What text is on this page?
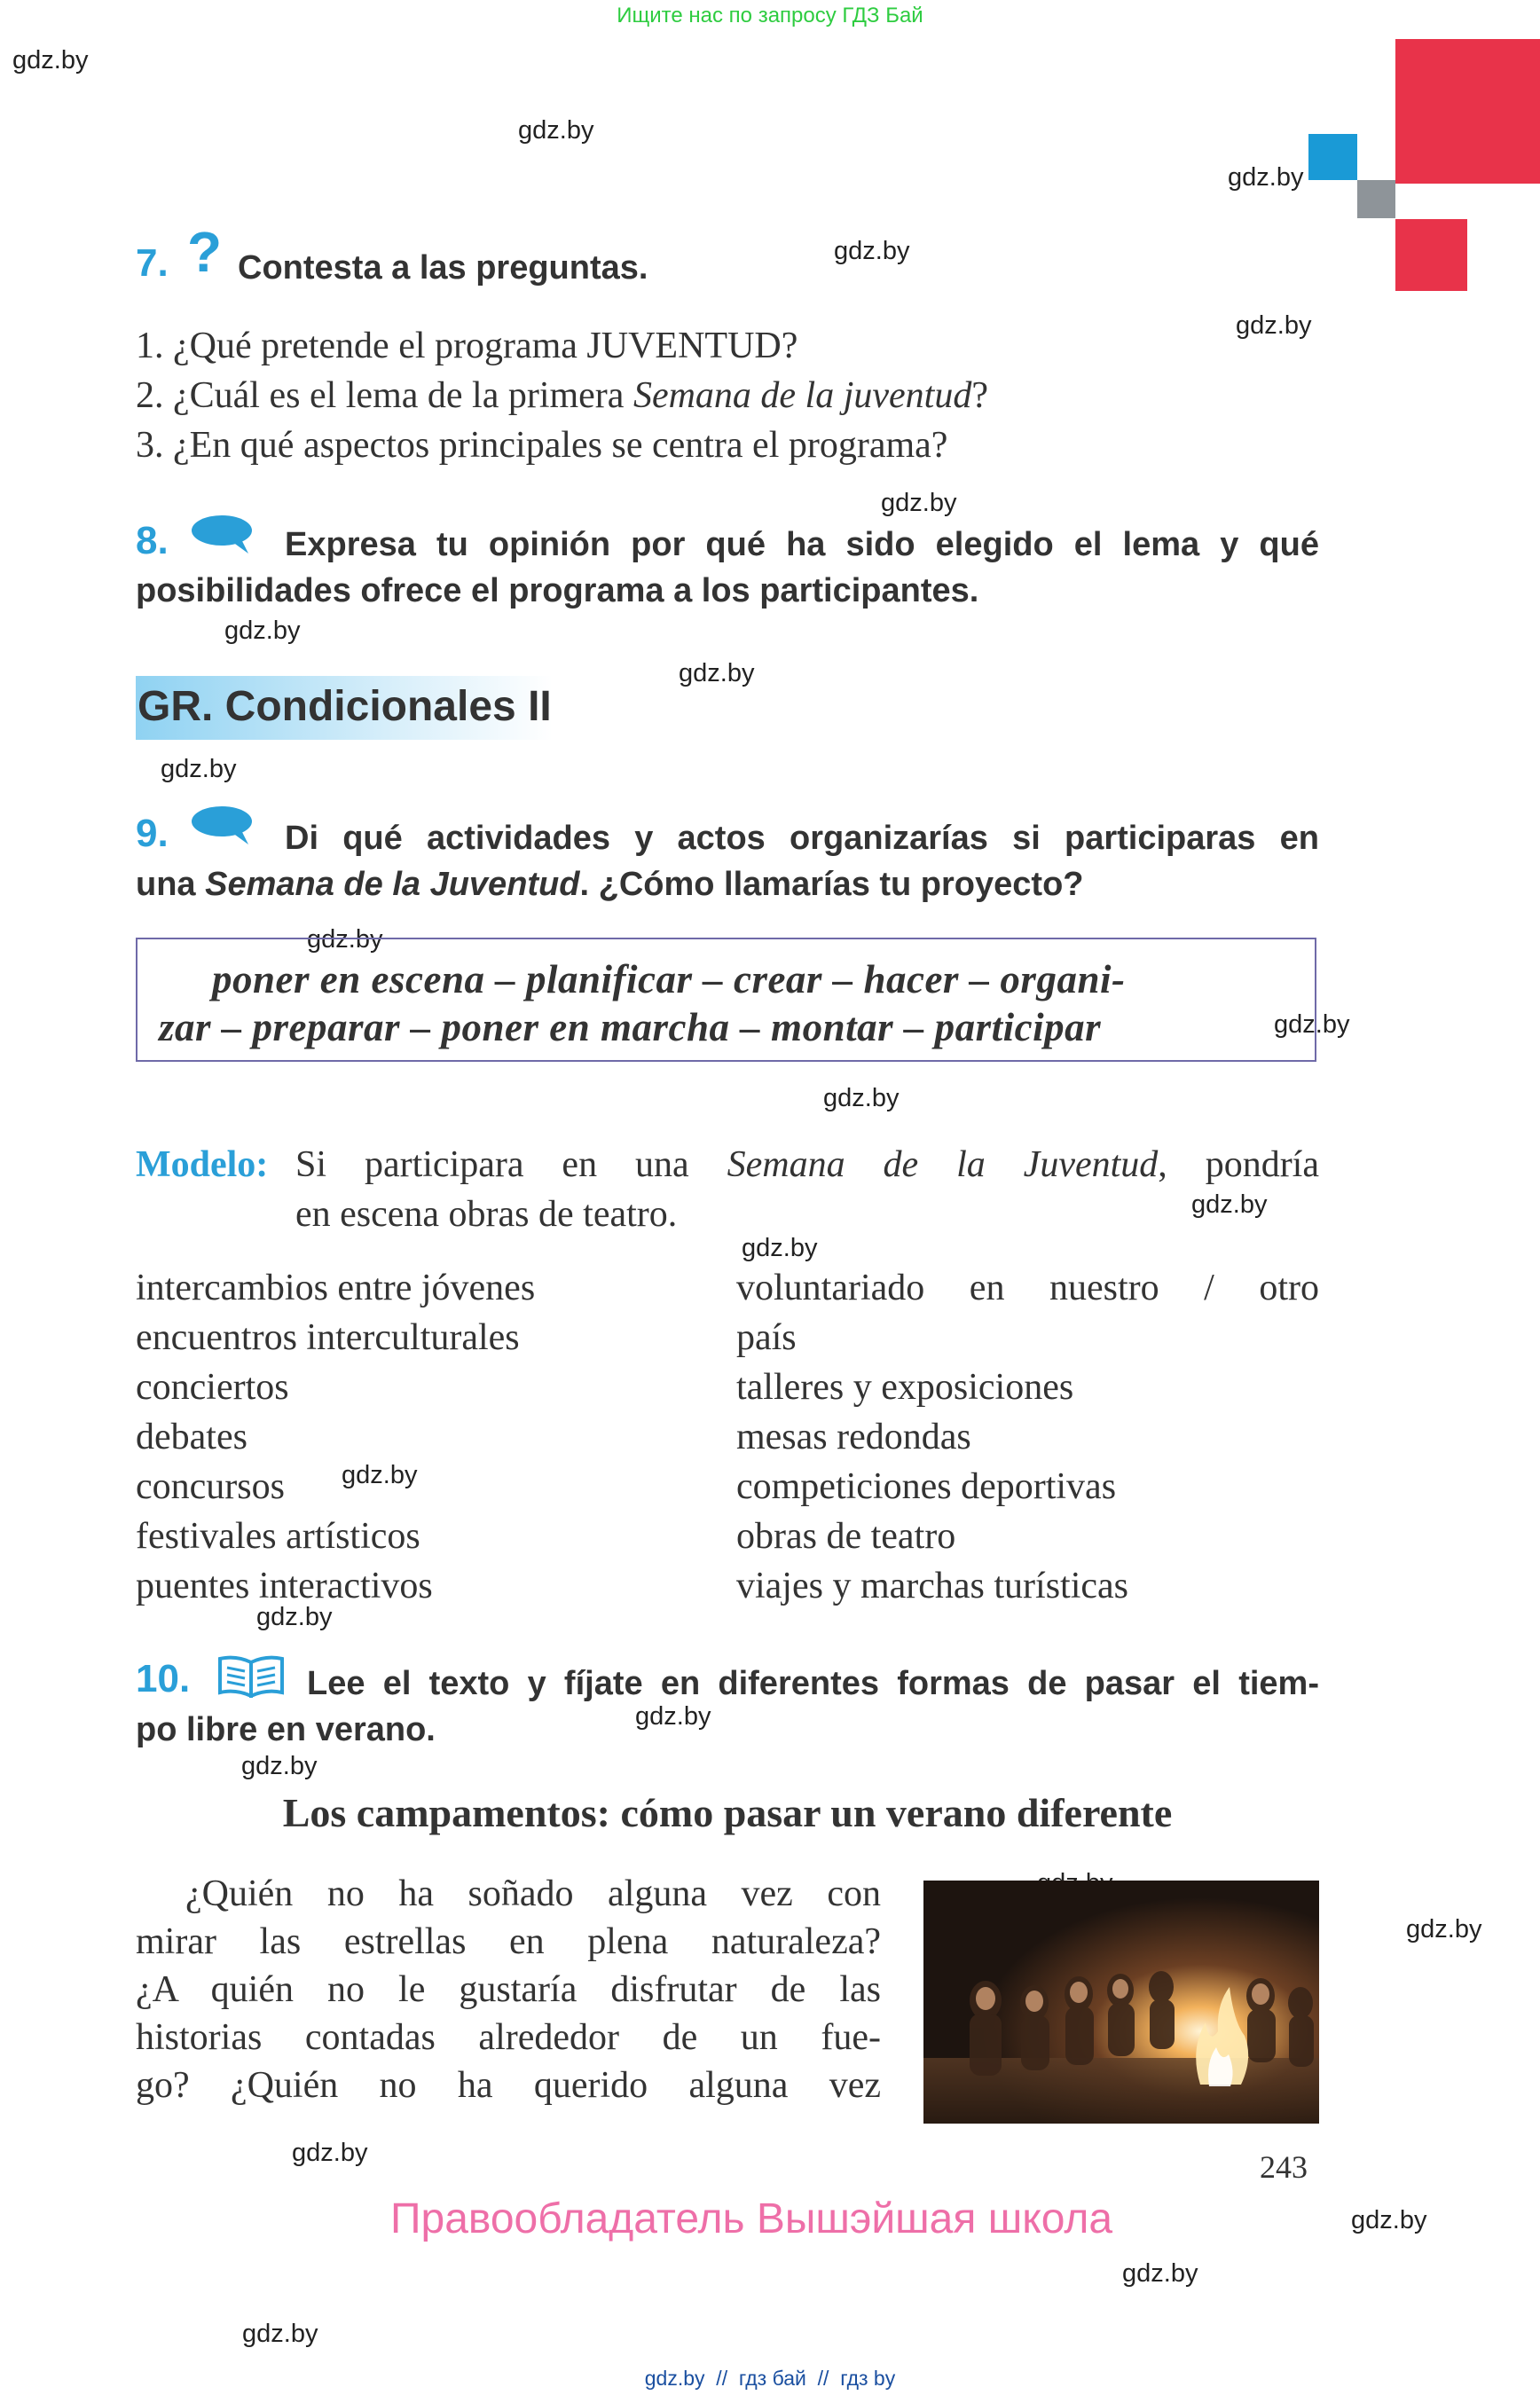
Ищите нас по запросу ГДЗ Бай
gdz.by
gdz.by
gdz.by
gdz.by
gdz.by
gdz.by
gdz.by
gdz.by
gdz.by
gdz.by
gdz.by
gdz.by
gdz.by
gdz.by
gdz.by
gdz.by
gdz.by
gdz.by
gdz.by
gdz.by
gdz.by
gdz.by
gdz.by
7. ? Contesta a las preguntas.
1. ¿Qué pretende el programa JUVENTUD?
2. ¿Cuál es el lema de la primera Semana de la juventud?
3. ¿En qué aspectos principales se centra el programa?
8.	Expresa tu opinión por qué ha sido elegido el lema y qué
posibilidades ofrece el programa a los participantes.
GR. Condicionales II
9.	Di qué actividades y actos organizarías si participaras en
una Semana de la Juventud. ¿Cómo llamarías tu proyecto?
poner en escena – planificar – crear – hacer – organi-
zar – preparar – poner en marcha – montar – participar
Modelo: Si participara en una Semana de la Juventud, pondría
en escena obras de teatro.
intercambios entre jóvenes
encuentros interculturales
conciertos
debates
concursos
festivales artísticos
puentes interactivos
voluntariado en nuestro / otro
país
talleres y exposiciones
mesas redondas
competiciones deportivas
obras de teatro
viajes y marchas turísticas
10.	Lee el texto y fíjate en diferentes formas de pasar el tiem-
po libre en verano.
Los campamentos: cómo pasar un verano diferente
¿Quién no ha soñado alguna vez con
mirar las estrellas en plena naturaleza?
¿A quién no le gustaría disfrutar de las
historias contadas alrededor de un fue-
go? ¿Quién no ha querido alguna vez
243
Правообладатель Вышэйшая школа
gdz.by  //  гдз бай  //  гдз by
